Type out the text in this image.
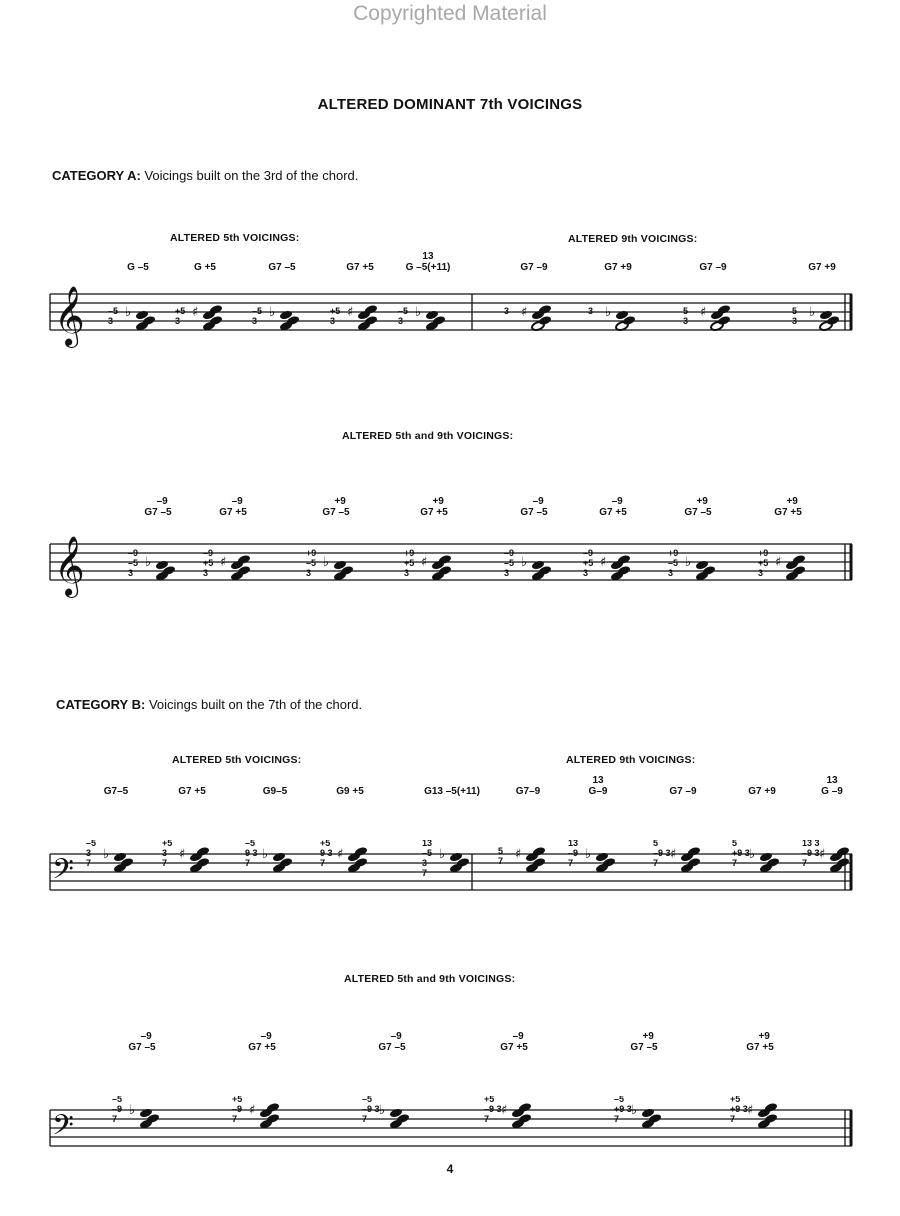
Copyrighted Material
ALTERED DOMINANT 7th VOICINGS
CATEGORY A: Voicings built on the 3rd of the chord.
ALTERED 5th VOICINGS:	ALTERED 9th VOICINGS:
ALTERED 5th and 9th VOICINGS:
CATEGORY B: Voicings built on the 7th of the chord.
ALTERED 5th VOICINGS:	ALTERED 9th VOICINGS:
ALTERED 5th and 9th VOICINGS:
𝄞	♭
–5 3
♯
+5 3
♭
–5 3
♯
+5 3
♭
–5 3
♯
3	♭
3	♯
5 3
♭
5 3
𝄞	♭
–9 –5 3
♯
–9 +5 3
♭
+9 –5 3
♯
+9 +5 3
♭
–9 –5 3
♯
–9 +5 3
♭
+9 –5 3
♯
+9 +5 3
𝄢 ♭
–5 3 7
♯
+5 3 7
♭
–5 9 3 7
♯
+5 9 3 7
♭
13 –5 3 7
♯
5 7	♭
13 –9 7
♯
5 –9 3 7
♭
5 +9 3 7
♯
13 3 –9 3 7
𝄢	♭
–5 –9 7
♯
+5 –9 7
♭
–5 –9 3 7
♯
+5 –9 3 7
♭
–5 +9 3 7
♯
+5 +9 3 7
4
G –5	G +5	G7 –5	G7 +5
13
G –5(+11)	G7 –9	G7 +9	G7 –9	G7 +9
–9
G7 –5
–9
G7 +5
+9
G7 –5
+9
G7 +5
–9
G7 –5
–9
G7 +5
+9
G7 –5
+9
G7 +5
G7–5	G7 +5	G9–5	G9 +5	G13 –5(+11)	G7–9
13
G–9	G7 –9	G7 +9
13
G –9
–9
G7 –5
–9
G7 +5
–9
G7 –5
–9
G7 +5
+9
G7 –5
+9
G7 +5
